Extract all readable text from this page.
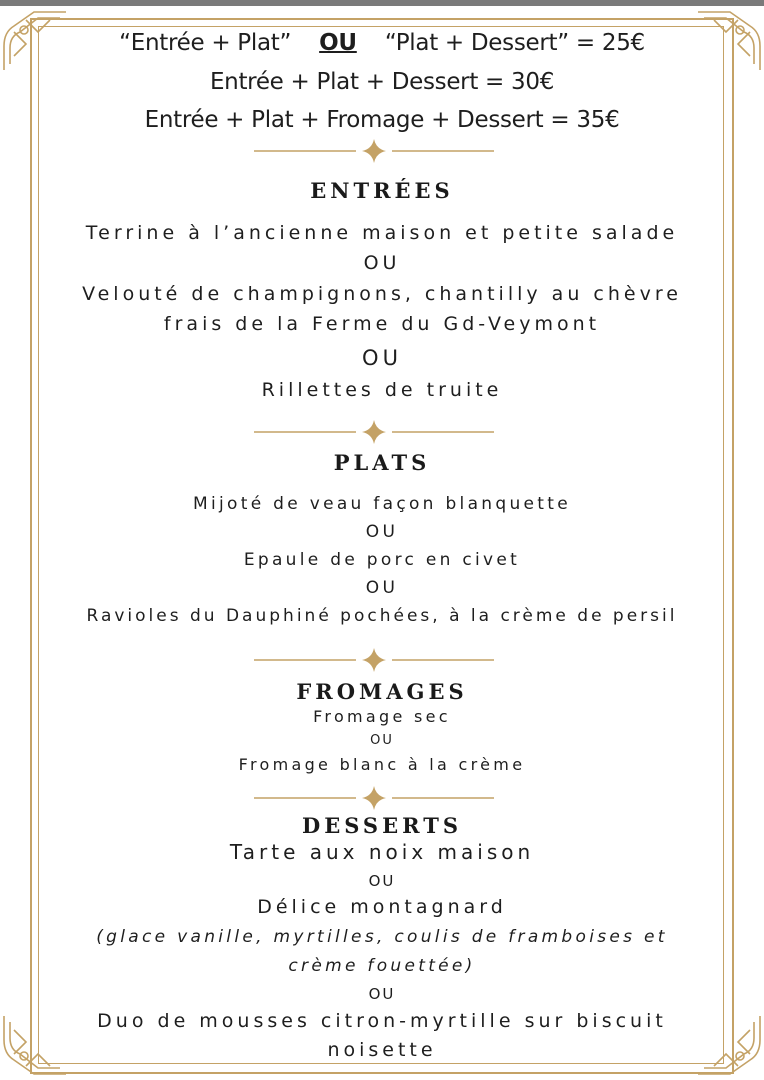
“Entrée + Plat” OU “Plat + Dessert” = 25€
Entrée + Plat + Dessert = 30€
Entrée + Plat + Fromage + Dessert = 35€
ENTRÉES
Terrine à l’ancienne maison et petite salade
OU
Velouté de champignons, chantilly au chèvre
frais de la Ferme du Gd-Veymont
OU
Rillettes de truite
PLATS
Mijoté de veau façon blanquette
OU
Epaule de porc en civet
OU
Ravioles du Dauphiné pochées, à la crème de persil
FROMAGES
Fromage sec
OU
Fromage blanc à la crème
DESSERTS
Tarte aux noix maison
OU
Délice montagnard
(glace vanille, myrtilles, coulis de framboises et
crème fouettée)
OU
Duo de mousses citron-myrtille sur biscuit
noisette
